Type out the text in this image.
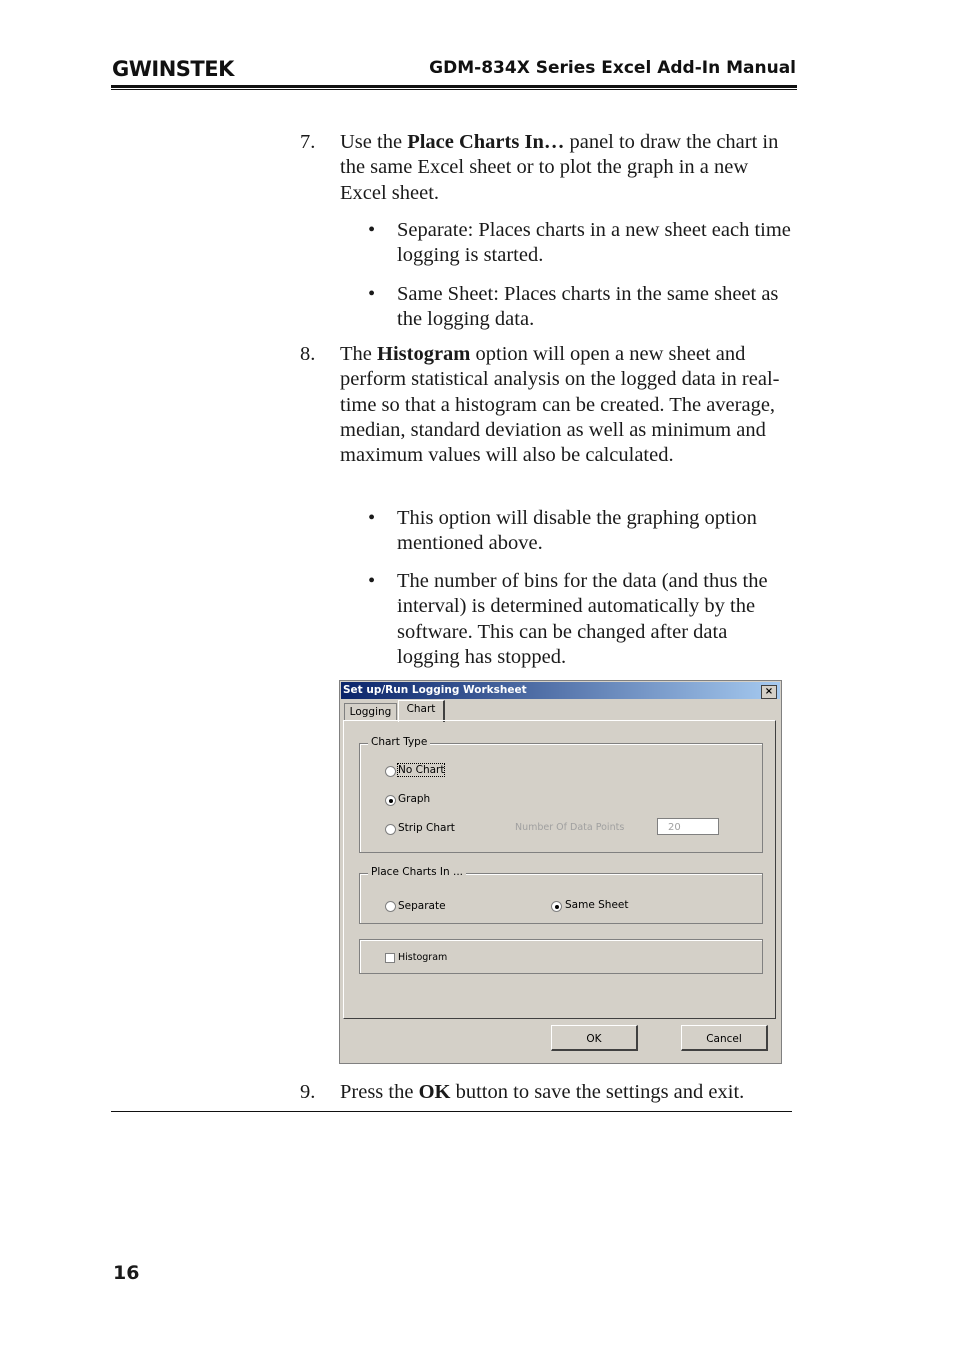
GWINSTEK	GDM-834X Series Excel Add-In Manual
7.	Use the Place Charts In… panel to draw the chart in the same Excel sheet or to plot the graph in a new Excel sheet.
• Separate: Places charts in a new sheet each time logging is started.
• Same Sheet: Places charts in the same sheet as the logging data.
8.	The Histogram option will open a new sheet and perform statistical analysis on the logged data in real-time so that a histogram can be created. The average, median, standard deviation as well as minimum and maximum values will also be calculated.
• This option will disable the graphing option mentioned above.
• The number of bins for the data (and thus the interval) is determined automatically by the software. This can be changed after data logging has stopped.
Set up/Run Logging Worksheet	×
Logging	Chart
Chart Type
No Chart
Graph
Strip Chart	Number Of Data Points	20
Place Charts In ...
Separate	Same Sheet
Histogram
OK	Cancel
9.	Press the OK button to save the settings and exit.
16
